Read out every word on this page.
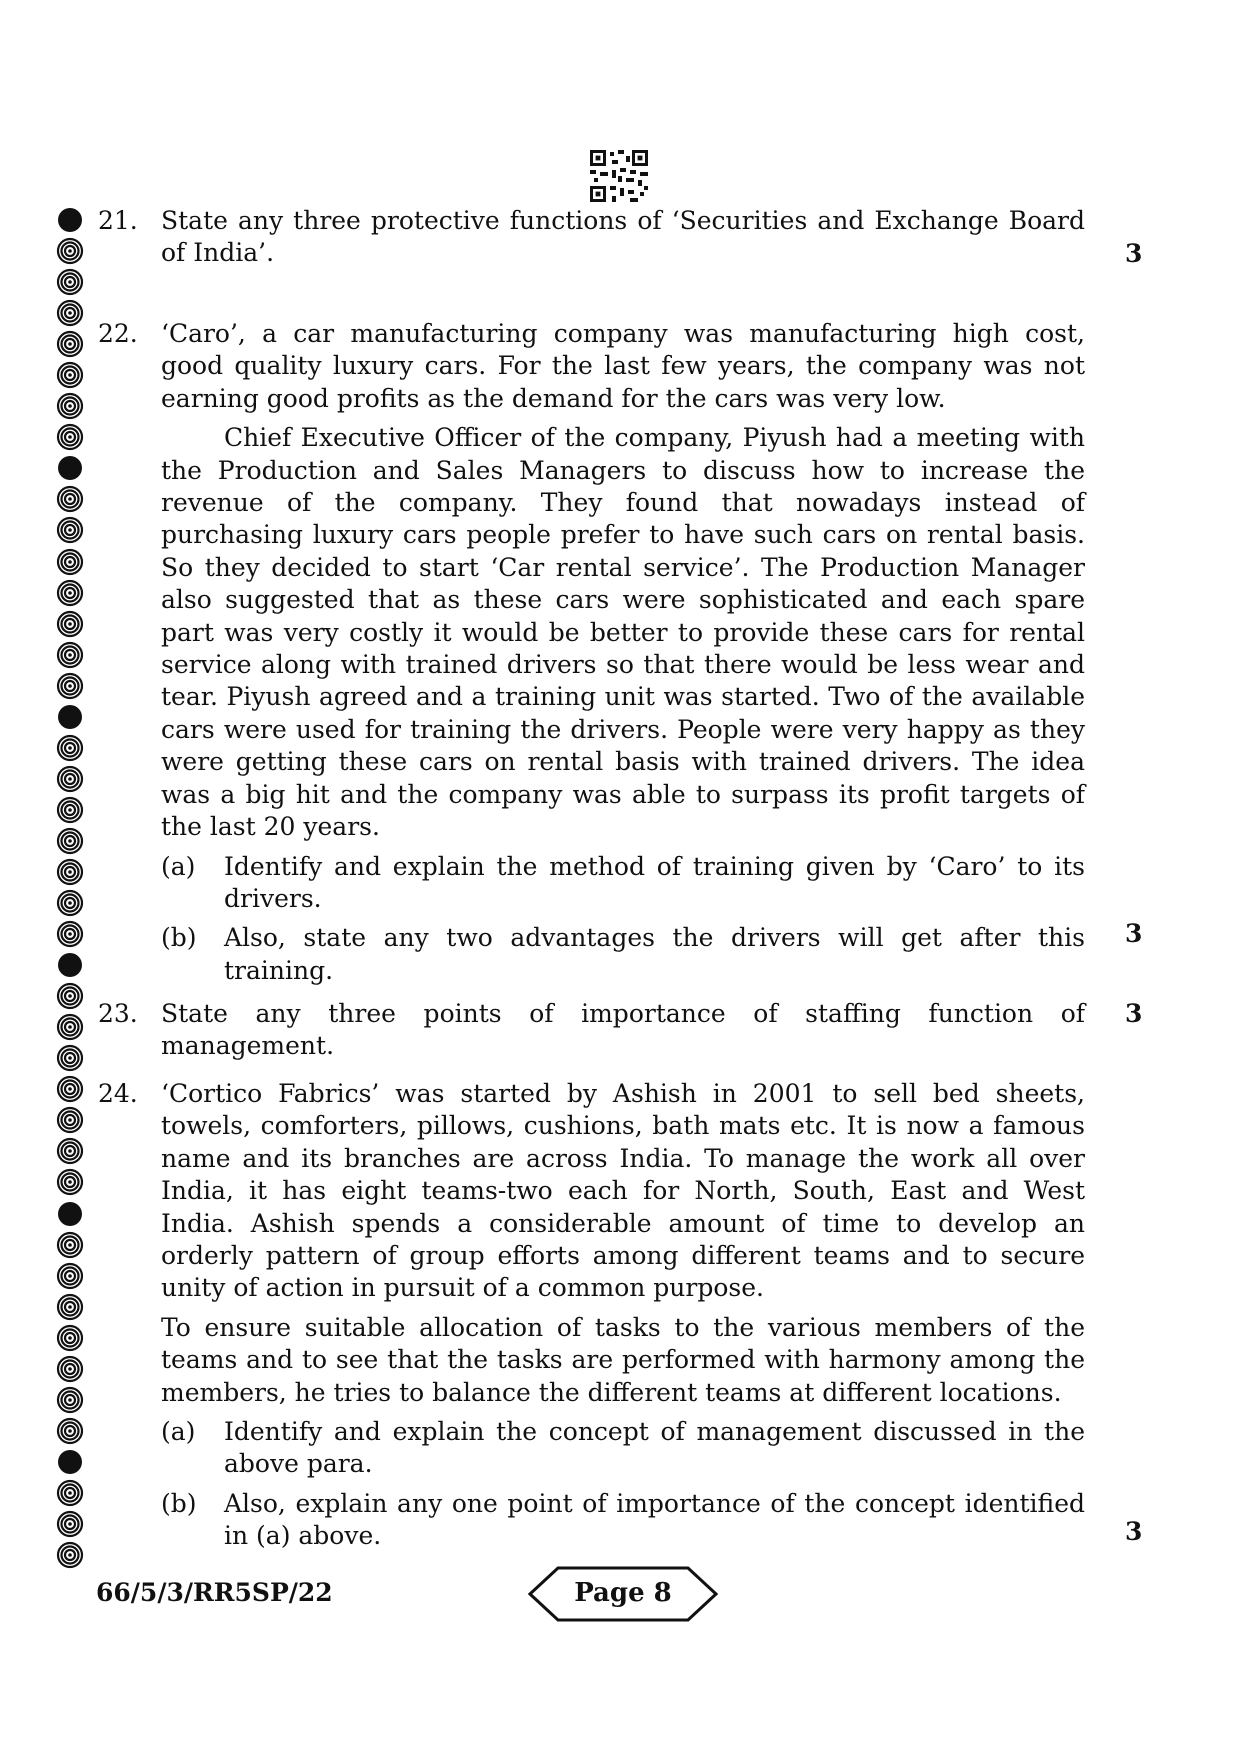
21. State any three protective functions of ‘Securities and Exchange Board of India’.	3
22. ‘Caro’, a car manufacturing company was manufacturing high cost, good quality luxury cars. For the last few years, the company was not earning good profits as the demand for the cars was very low.

Chief Executive Officer of the company, Piyush had a meeting with the Production and Sales Managers to discuss how to increase the revenue of the company. They found that nowadays instead of purchasing luxury cars people prefer to have such cars on rental basis. So they decided to start ‘Car rental service’. The Production Manager also suggested that as these cars were sophisticated and each spare part was very costly it would be better to provide these cars for rental service along with trained drivers so that there would be less wear and tear. Piyush agreed and a training unit was started. Two of the available cars were used for training the drivers. People were very happy as they were getting these cars on rental basis with trained drivers. The idea was a big hit and the company was able to surpass its profit targets of the last 20 years.

(a) Identify and explain the method of training given by ‘Caro’ to its drivers.
(b) Also, state any two advantages the drivers will get after this training.
3
23. State any three points of importance of staffing function of management.

3
24. ‘Cortico Fabrics’ was started by Ashish in 2001 to sell bed sheets, towels, comforters, pillows, cushions, bath mats etc. It is now a famous name and its branches are across India. To manage the work all over India, it has eight teams-two each for North, South, East and West India. Ashish spends a considerable amount of time to develop an orderly pattern of group efforts among different teams and to secure unity of action in pursuit of a common purpose.

To ensure suitable allocation of tasks to the various members of the teams and to see that the tasks are performed with harmony among the members, he tries to balance the different teams at different locations.

(a) Identify and explain the concept of management discussed in the above para.
(b) Also, explain any one point of importance of the concept identified in (a) above.	3
66/5/3/RR5SP/22	Page 8
